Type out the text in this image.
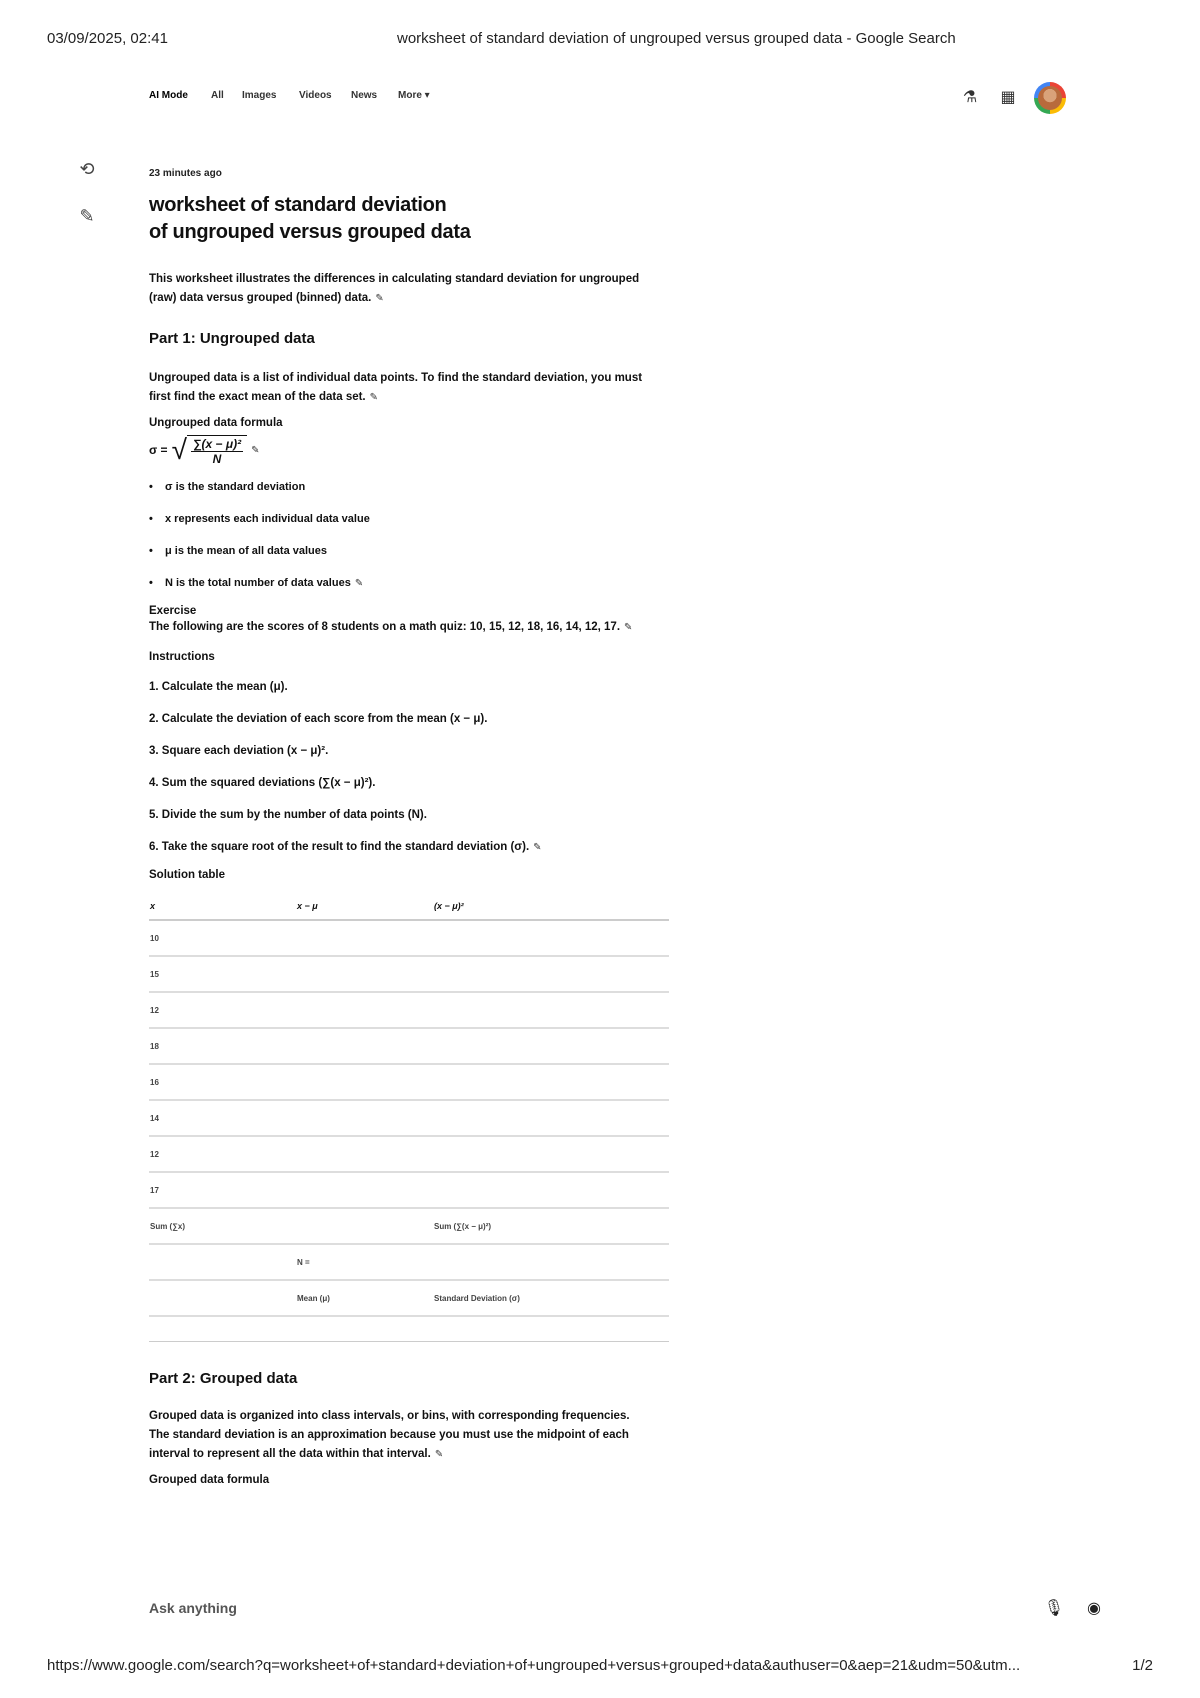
03/09/2025, 02:41	worksheet of standard deviation of ungrouped versus grouped data - Google Search
AI Mode All Images Videos News More ▾	⚗ ▦
⟲
✎
23 minutes ago
worksheet of standard deviation
of ungrouped versus grouped data

This worksheet illustrates the differences in calculating standard deviation for ungrouped
(raw) data versus grouped (binned) data. ✎

Part 1: Ungrouped data

Ungrouped data is a list of individual data points. To find the standard deviation, you must
first find the exact mean of the data set. ✎

Ungrouped data formula

σ = √ $\frac{\text{∑(x − μ)²}}{N}$ ✎
• σ is the standard deviation
• x represents each individual data value
• μ is the mean of all data values
• N is the total number of data values ✎

Exercise

The following are the scores of 8 students on a math quiz: 10, 15, 12, 18, 16, 14, 12, 17. ✎

Instructions

1. Calculate the mean (μ).
2. Calculate the deviation of each score from the mean (x − μ).
3. Square each deviation (x − μ)².
4. Sum the squared deviations (∑(x − μ)²).
5. Divide the sum by the number of data points (N).
6. Take the square root of the result to find the standard deviation (σ). ✎

Solution table

x	x − μ	(x − μ)²
10		
15		
12		
18		
16		
14		
12		
17		
Sum (∑x)		Sum (∑(x − μ)²)
	N =	
	Mean (μ)	Standard Deviation (σ)

Part 2: Grouped data

Grouped data is organized into class intervals, or bins, with corresponding frequencies.
The standard deviation is an approximation because you must use the midpoint of each
interval to represent all the data within that interval. ✎

Grouped data formula

Ask anything	🎙 ◉
https://www.google.com/search?q=worksheet+of+standard+deviation+of+ungrouped+versus+grouped+data&authuser=0&aep=21&udm=50&utm...	1/2
